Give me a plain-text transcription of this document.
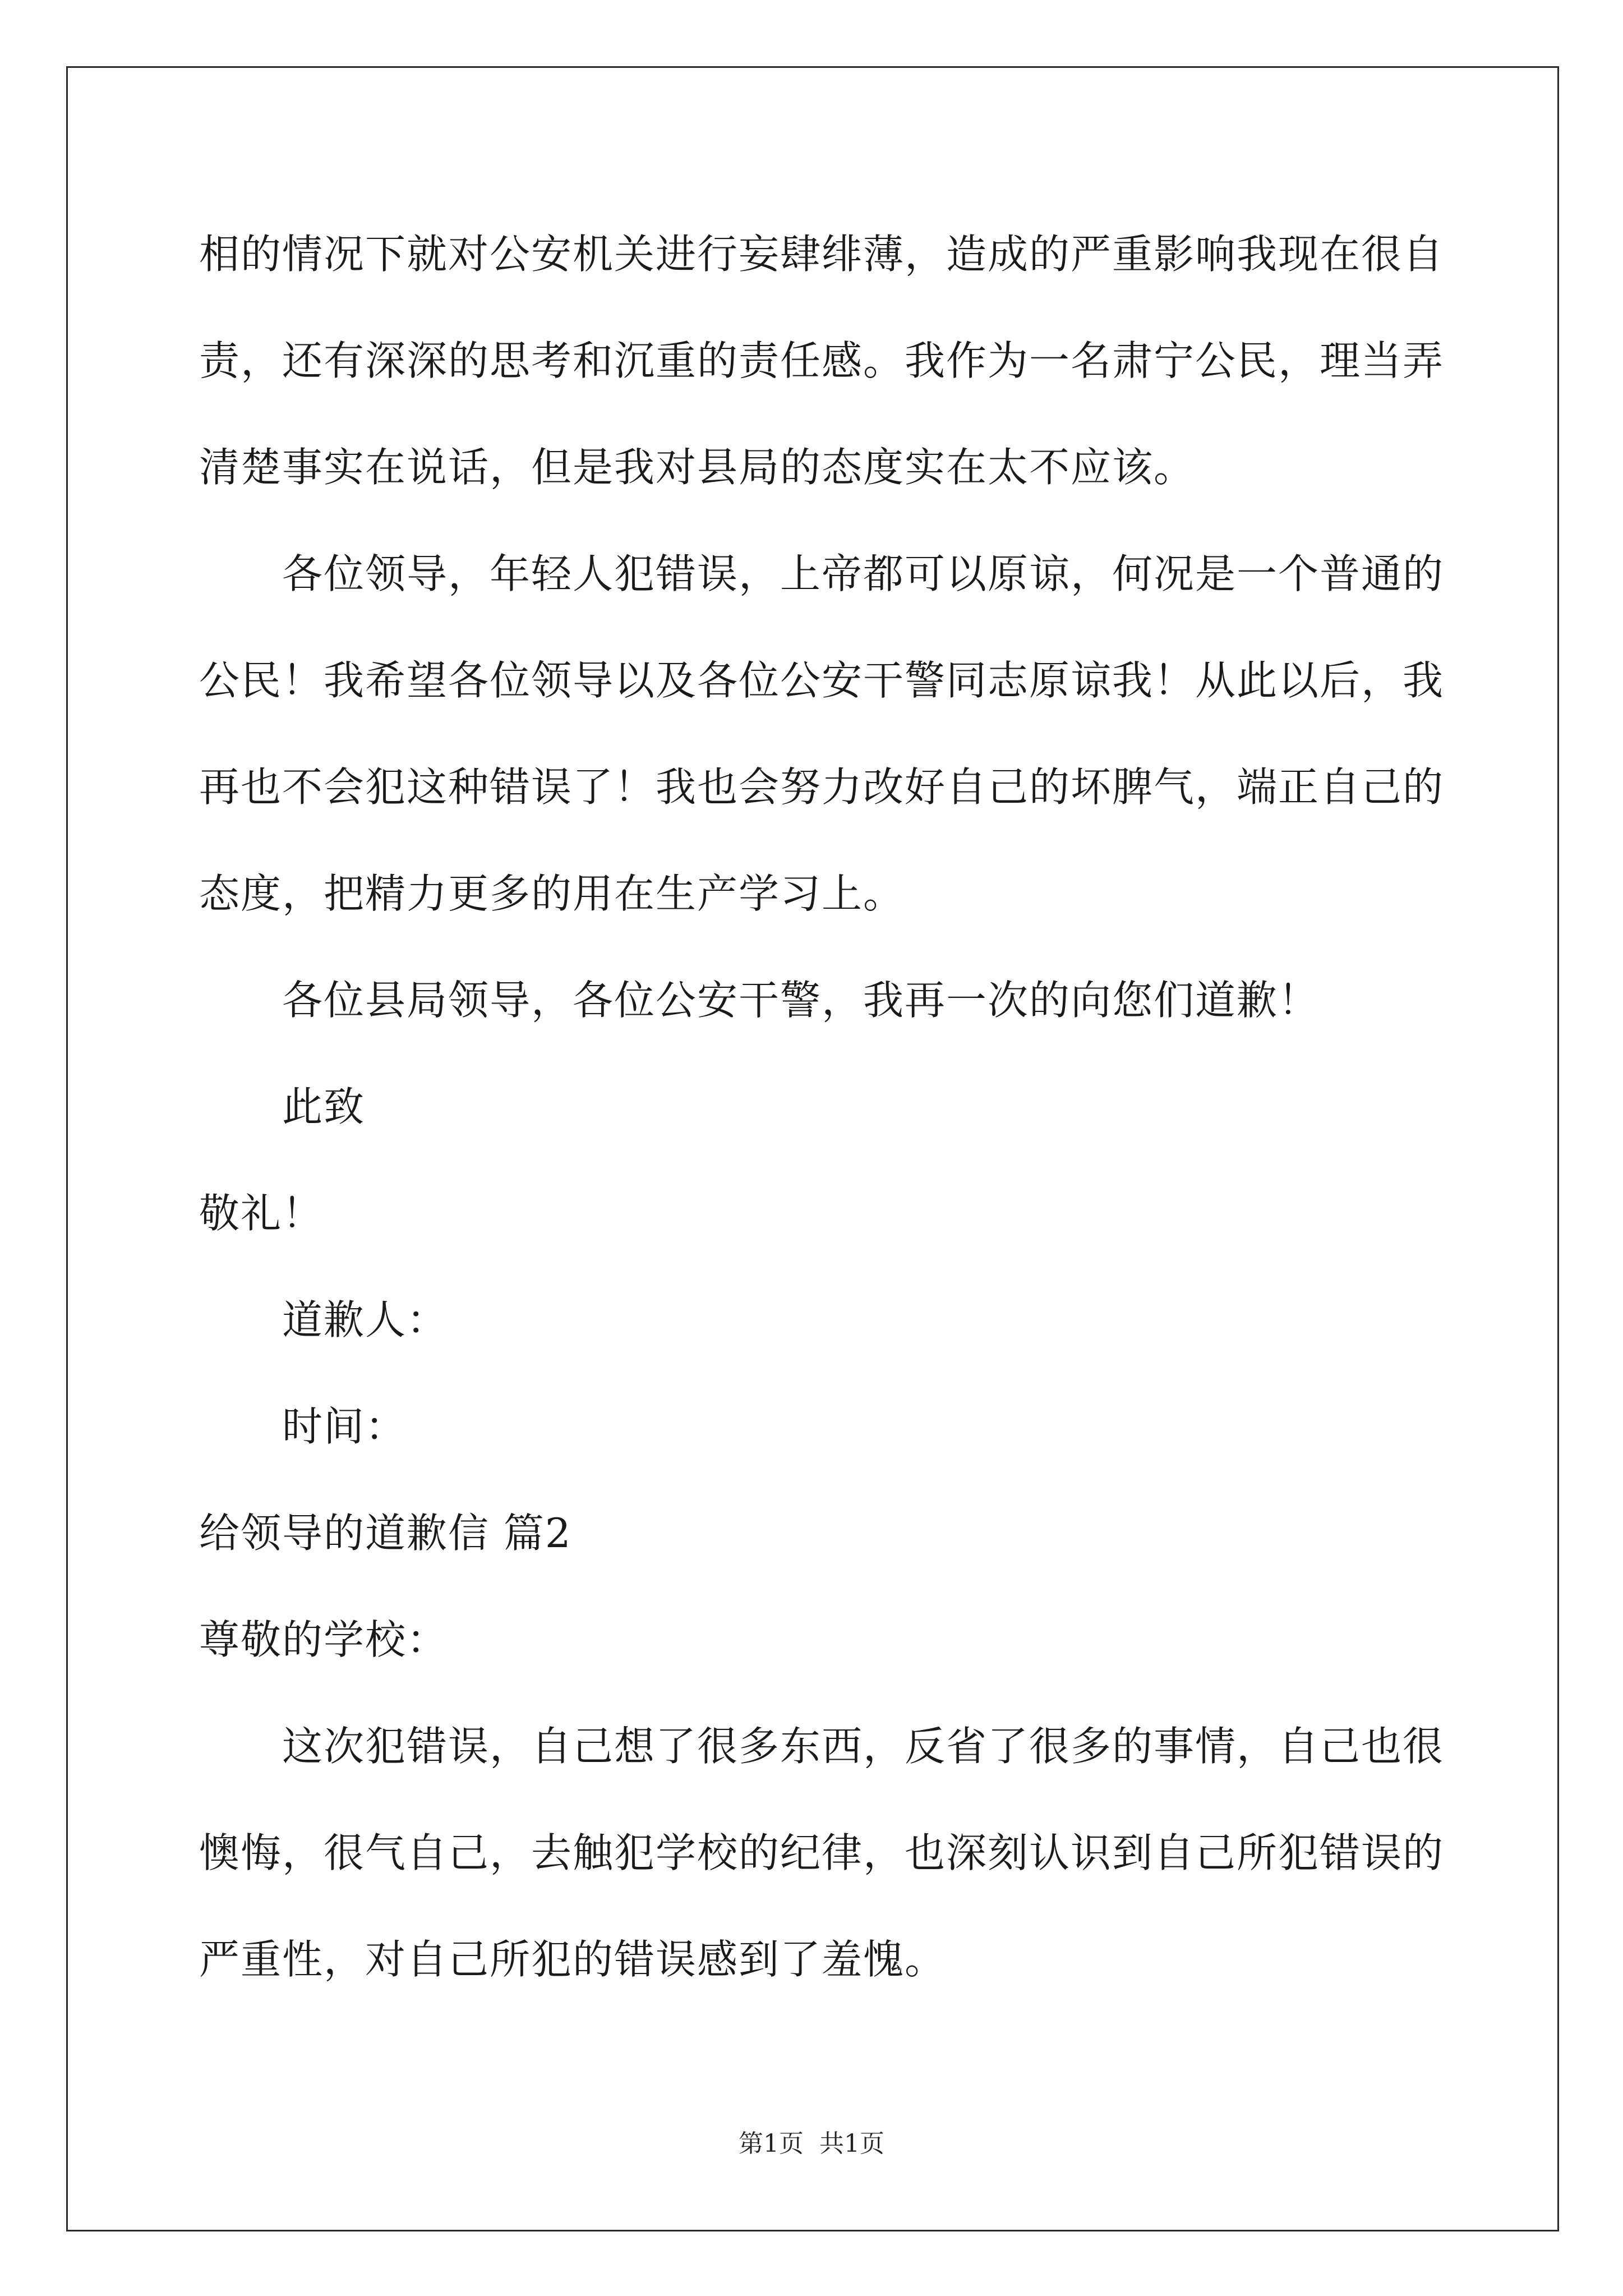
相的情况下就对公安机关进行妄肆绯薄，造成的严重影响我现在很自
责，还有深深的思考和沉重的责任感。我作为一名肃宁公民，理当弄
清楚事实在说话，但是我对县局的态度实在太不应该。
各位领导，年轻人犯错误，上帝都可以原谅，何况是一个普通的
公民！我希望各位领导以及各位公安干警同志原谅我！从此以后，我
再也不会犯这种错误了！我也会努力改好自己的坏脾气，端正自己的
态度，把精力更多的用在生产学习上。
各位县局领导，各位公安干警，我再一次的向您们道歉！
此致
敬礼！
道歉人：
时间：
给领导的道歉信 篇2
尊敬的学校：
这次犯错误，自己想了很多东西，反省了很多的事情，自己也很
懊悔，很气自己，去触犯学校的纪律，也深刻认识到自己所犯错误的
严重性，对自己所犯的错误感到了羞愧。
第1页 共1页
